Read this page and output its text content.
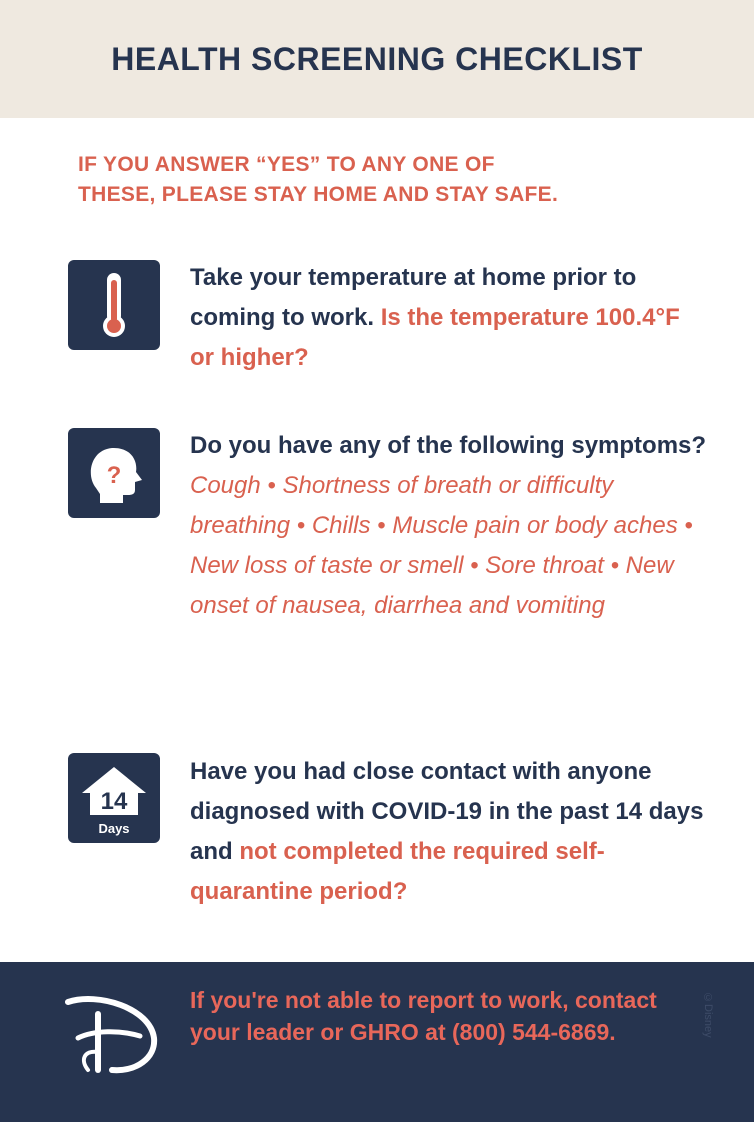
HEALTH SCREENING CHECKLIST
IF YOU ANSWER “YES” TO ANY ONE OF
THESE, PLEASE STAY HOME AND STAY SAFE.
Take your temperature at home prior to coming to work. Is the temperature 100.4°F or higher?
?
Do you have any of the following symptoms?
Cough • Shortness of breath or difficulty breathing • Chills • Muscle pain or body aches • New loss of taste or smell • Sore throat • New onset of nausea, diarrhea and vomiting
14
Days
Have you had close contact with anyone diagnosed with COVID-19 in the past 14 days and not completed the required self-quarantine period?
If you're not able to report to work, contact your leader or GHRO at (800) 544-6869.	©Disney
